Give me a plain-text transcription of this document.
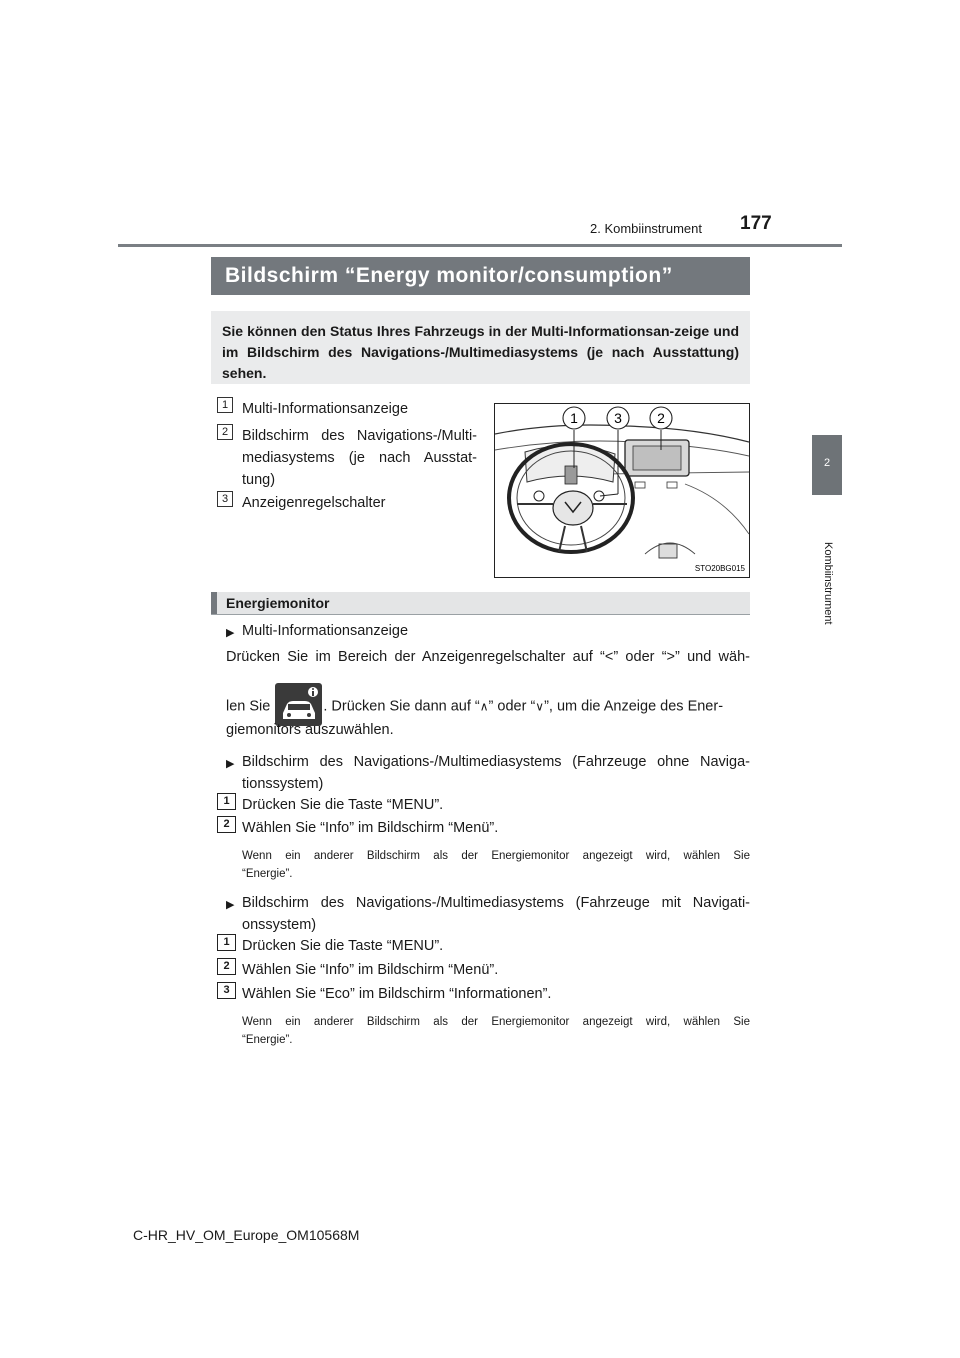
2. Kombiinstrument 177
2
Kombiinstrument
Bildschirm “Energy monitor/consumption”
Sie können den Status Ihres Fahrzeugs in der Multi-Informationsan-zeige und im Bildschirm des Navigations-/Multimediasystems (je nach Ausstattung) sehen.
1 Multi-Informationsanzeige
2 Bildschirm des Navigations-/Multi-
mediasystems (je nach Ausstat-
tung)
3 Anzeigenregelschalter
1	3	2
STO20BG015
Energiemonitor
▶ Multi-Informationsanzeige
Drücken Sie im Bereich der Anzeigenregelschalter auf “<” oder “>” und wäh-
len Sie	. Drücken Sie dann auf “∧” oder “∨”, um die Anzeige des Ener-
giemonitors auszuwählen.
▶ Bildschirm des Navigations-/Multimediasystems (Fahrzeuge ohne Naviga-
tionssystem)
1 Drücken Sie die Taste “MENU”.
2 Wählen Sie “Info” im Bildschirm “Menü”.
Wenn ein anderer Bildschirm als der Energiemonitor angezeigt wird, wählen Sie
“Energie”.
▶ Bildschirm des Navigations-/Multimediasystems (Fahrzeuge mit Navigati-
onssystem)
1 Drücken Sie die Taste “MENU”.
2 Wählen Sie “Info” im Bildschirm “Menü”.
3 Wählen Sie “Eco” im Bildschirm “Informationen”.
Wenn ein anderer Bildschirm als der Energiemonitor angezeigt wird, wählen Sie
“Energie”.
C-HR_HV_OM_Europe_OM10568M
